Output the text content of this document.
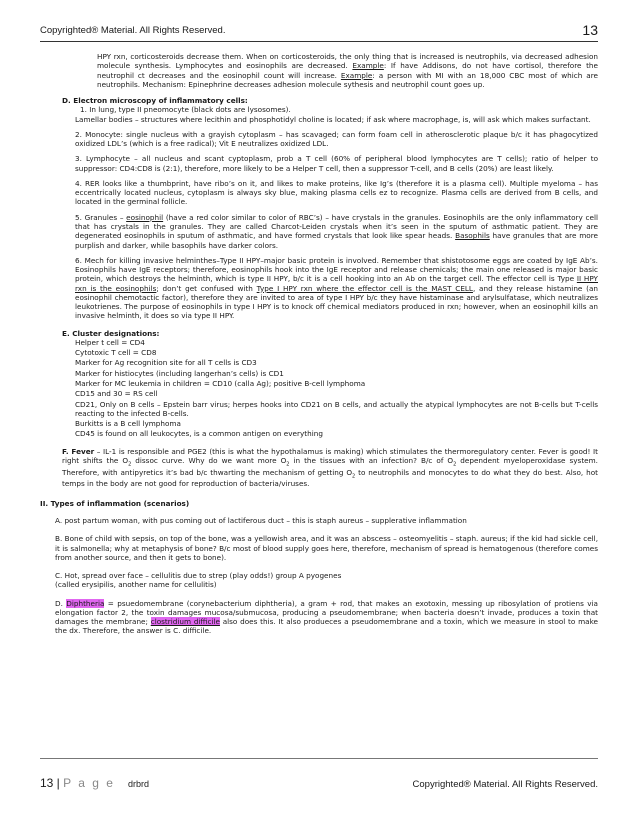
Copyrighted® Material. All Rights Reserved.	13

HPY rxn, corticosteroids decrease them. When on corticosteroids, the only thing that is increased is neutrophils, via decreased adhesion molecule synthesis. Lymphocytes and eosinophils are decreased. Example: If have Addisons, do not have cortisol, therefore the neutrophil ct decreases and the eosinophil count will increase. Example: a person with MI with an 18,000 CBC most of which are neutrophils. Mechanism: Epinephrine decreases adhesion molecule sythesis and neutrophil count goes up.

D. Electron microscopy of inflammatory cells:

1. In lung, type II pneomocyte (black dots are lysosomes).

Lamellar bodies – structures where lecithin and phosphotidyl choline is located; if ask where macrophage, is, will ask which makes surfactant.

2. Monocyte: single nucleus with a grayish cytoplasm – has scavaged; can form foam cell in atherosclerotic plaque b/c it has phagocytized oxidized LDL’s (which is a free radical); Vit E neutralizes oxidized LDL.

3. Lymphocyte – all nucleus and scant cyptoplasm, prob a T cell (60% of peripheral blood lymphocytes are T cells); ratio of helper to suppressor: CD4:CD8 is (2:1), therefore, more likely to be a Helper T cell, then a suppressor T-cell, and B cells (20%) are least likely.

4. RER looks like a thumbprint, have ribo’s on it, and likes to make proteins, like Ig’s (therefore it is a plasma cell). Multiple myeloma – has eccentrically located nucleus, cytoplasm is always sky blue, making plasma cells ez to recognize. Plasma cells are derived from B cells, and located in the germinal follicle.

5. Granules – eosinophil (have a red color similar to color of RBC’s) – have crystals in the granules. Eosinophils are the only inflammatory cell that has crystals in the granules. They are called Charcot-Leiden crystals when it’s seen in the sputum of asthmatic patient. They are degenerated eosinophils in sputum of asthmatic, and have formed crystals that look like spear heads. Basophils have granules that are more purplish and darker, while basophils have darker colors.

6. Mech for killing invasive helminthes–Type II HPY–major basic protein is involved. Remember that shistotosome eggs are coated by IgE Ab’s. Eosinophils have IgE receptors; therefore, eosinophils hook into the IgE receptor and release chemicals; the main one released is major basic protein, which destroys the helminth, which is type II HPY, b/c it is a cell hooking into an Ab on the target cell. The effector cell is Type II HPY rxn is the eosinophils; don’t get confused with Type I HPY rxn where the effector cell is the MAST CELL, and they release histamine (an eosinophil chemotactic factor), therefore they are invited to area of type I HPY b/c they have histaminase and arylsulfatase, which neutralizes leukotrienes. The purpose of eosinophils in type I HPY is to knock off chemical mediators produced in rxn; however, when an eosinophil kills an invasive helminth, it does so via type II HPY.

E. Cluster designations:

Helper t cell = CD4

Cytotoxic T cell = CD8

Marker for Ag recognition site for all T cells is CD3

Marker for histiocytes (including langerhan’s cells) is CD1

Marker for MC leukemia in children = CD10 (calla Ag); positive B-cell lymphoma

CD15 and 30 = RS cell

CD21, Only on B cells – Epstein barr virus; herpes hooks into CD21 on B cells, and actually the atypical lymphocytes are not B-cells but T-cells reacting to the infected B-cells.

Burkitts is a B cell lymphoma

CD45 is found on all leukocytes, is a common antigen on everything

F. Fever – IL-1 is responsible and PGE2 (this is what the hypothalamus is making) which stimulates the thermoregulatory center. Fever is good! It right shifts the $O_2$ dissoc curve. Why do we want more $O_2$ in the tissues with an infection? B/c of $O_2$ dependent myeloperoxidase system. Therefore, with antipyretics it’s bad b/c thwarting the mechanism of getting $O_2$ to neutrophils and monocytes to do what they do best. Also, hot temps in the body are not good for reproduction of bacteria/viruses.

II. Types of inflammation (scenarios)

A. post partum woman, with pus coming out of lactiferous duct – this is staph aureus – supplerative inflammation

B. Bone of child with sepsis, on top of the bone, was a yellowish area, and it was an abscess – osteomyelitis – staph. aureus; if the kid had sickle cell, it is salmonella; why at metaphysis of bone? B/c most of blood supply goes here, therefore, mechanism of spread is hematogenous (therefore comes from another source, and then it gets to bone).

C. Hot, spread over face – cellulitis due to strep (play odds!) group A pyogenes

(called erysipilis, another name for cellulitis)

D. Diphtheria = psuedomembrane (corynebacterium diphtheria), a gram + rod, that makes an exotoxin, messing up ribosylation of protiens via elongation factor 2, the toxin damages mucosa/submucosa, producing a pseudomembrane; when bacteria doesn’t invade, produces a toxin that damages the membrane; clostridium difficile also does this. It also produeces a pseudomembrane and a toxin, which we measure in stool to make the dx. Therefore, the answer is C. difficile.

13 | P a g e drbrd	Copyrighted® Material. All Rights Reserved.
